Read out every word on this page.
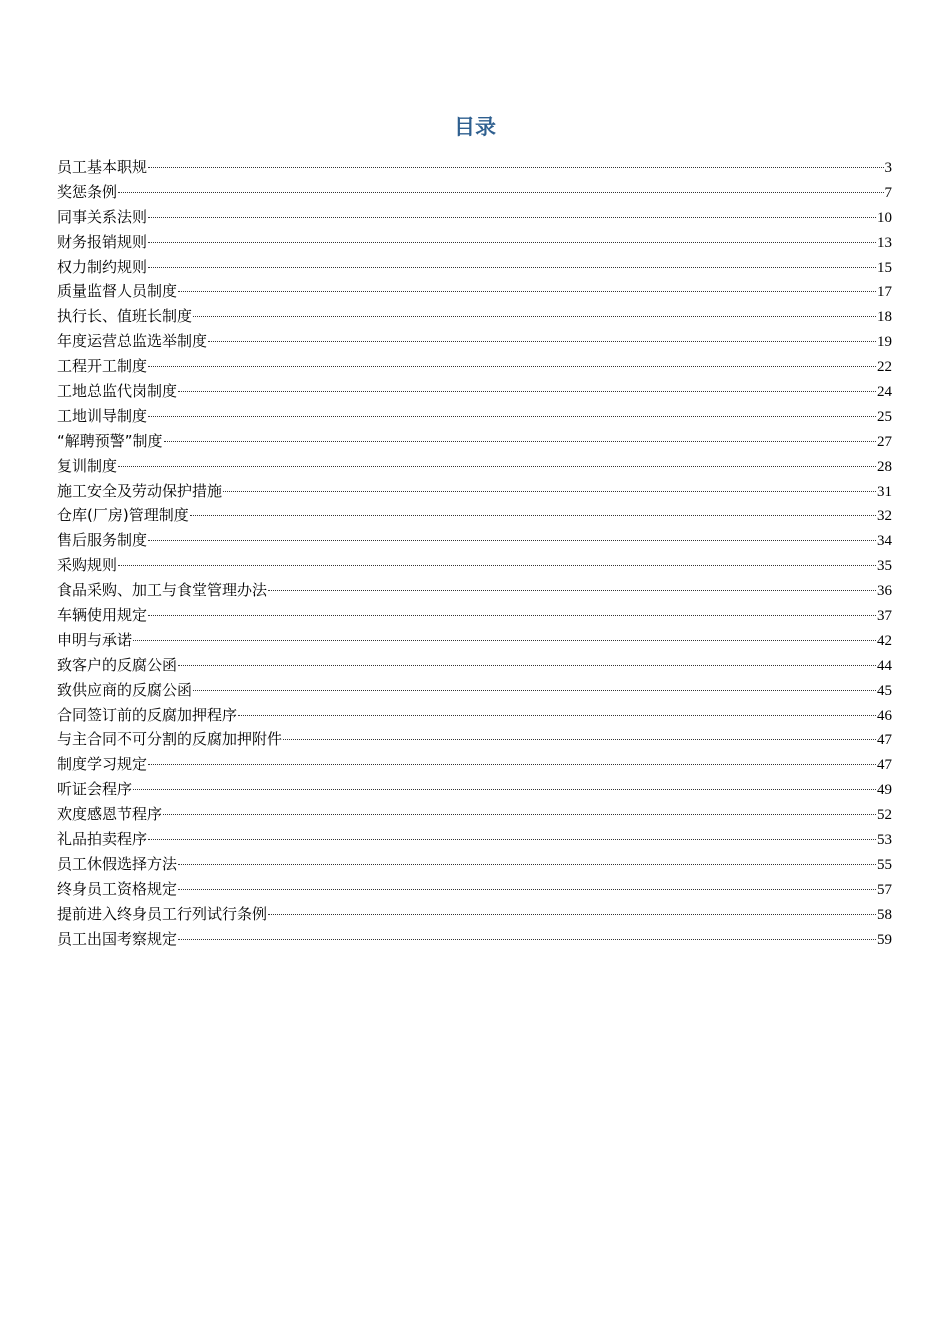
目录
员工基本职规	3
奖惩条例	7
同事关系法则	10
财务报销规则	13
权力制约规则	15
质量监督人员制度	17
执行长、值班长制度	18
年度运营总监选举制度	19
工程开工制度	22
工地总监代岗制度	24
工地训导制度	25
“解聘预警”制度	27
复训制度	28
施工安全及劳动保护措施	31
仓库(厂房)管理制度	32
售后服务制度	34
采购规则	35
食品采购、加工与食堂管理办法	36
车辆使用规定	37
申明与承诺	42
致客户的反腐公函	44
致供应商的反腐公函	45
合同签订前的反腐加押程序	46
与主合同不可分割的反腐加押附件	47
制度学习规定	47
听证会程序	49
欢度感恩节程序	52
礼品拍卖程序	53
员工休假选择方法	55
终身员工资格规定	57
提前进入终身员工行列试行条例	58
员工出国考察规定	59
